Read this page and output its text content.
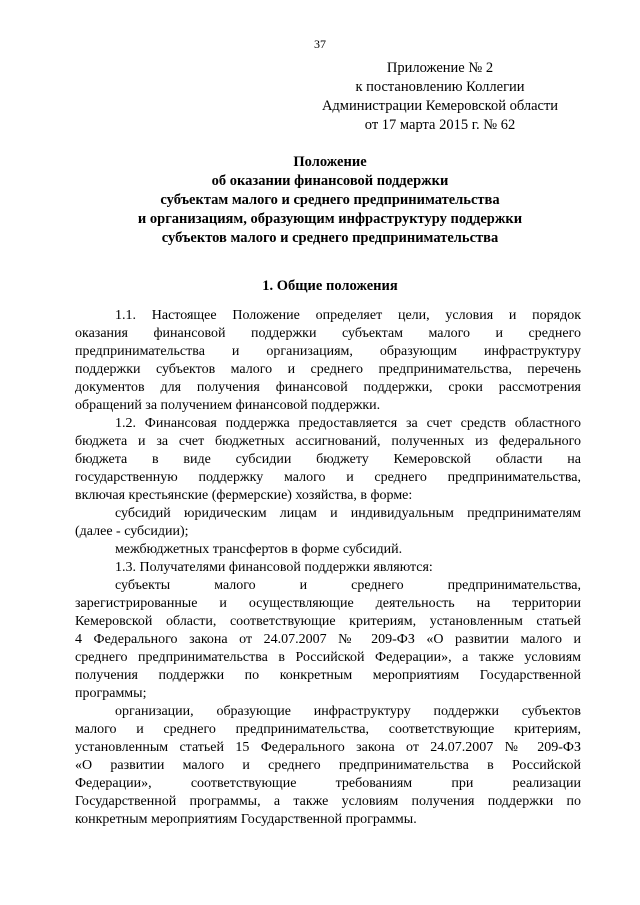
37
Приложение № 2
к постановлению Коллегии
Администрации Кемеровской области
от 17 марта 2015 г. № 62
Положение
об оказании финансовой поддержки
субъектам малого и среднего предпринимательства
и организациям, образующим инфраструктуру поддержки
субъектов малого и среднего предпринимательства
1. Общие положения
1.1. Настоящее Положение определяет цели, условия и порядок
оказания финансовой поддержки субъектам малого и среднего
предпринимательства и организациям, образующим инфраструктуру
поддержки субъектов малого и среднего предпринимательства, перечень
документов для получения финансовой поддержки, сроки рассмотрения
обращений за получением финансовой поддержки.
1.2. Финансовая поддержка предоставляется за счет средств областного
бюджета и за счет бюджетных ассигнований, полученных из федерального
бюджета в виде субсидии бюджету Кемеровской области на
государственную поддержку малого и среднего предпринимательства,
включая крестьянские (фермерские) хозяйства, в форме:
субсидий юридическим лицам и индивидуальным предпринимателям
(далее - субсидии);
межбюджетных трансфертов в форме субсидий.
1.3. Получателями финансовой поддержки являются:
субъекты малого и среднего предпринимательства,
зарегистрированные и осуществляющие деятельность на территории
Кемеровской области, соответствующие критериям, установленным статьей
4 Федерального закона от 24.07.2007 № 209-ФЗ «О развитии малого и
среднего предпринимательства в Российской Федерации», а также условиям
получения поддержки по конкретным мероприятиям Государственной
программы;
организации, образующие инфраструктуру поддержки субъектов
малого и среднего предпринимательства, соответствующие критериям,
установленным статьей 15 Федерального закона от 24.07.2007 № 209-ФЗ
«О развитии малого и среднего предпринимательства в Российской
Федерации», соответствующие требованиям при реализации
Государственной программы, а также условиям получения поддержки по
конкретным мероприятиям Государственной программы.
